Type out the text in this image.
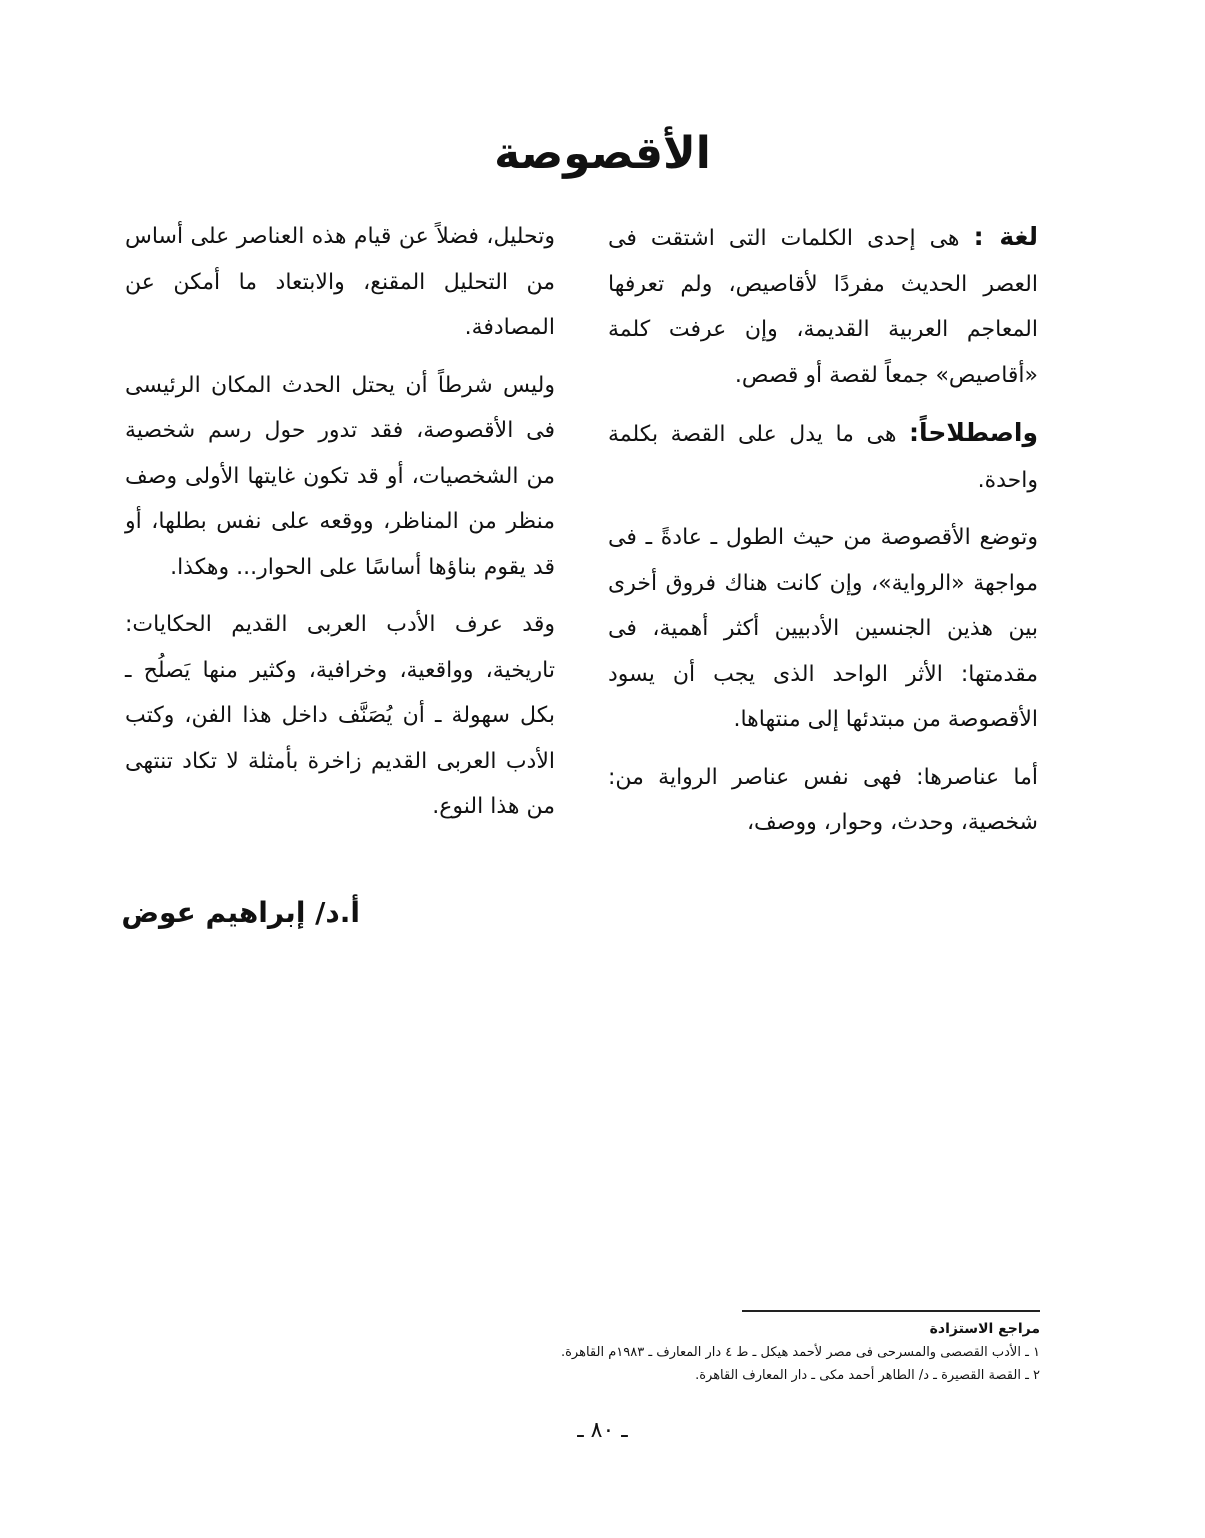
الأقصوصة

لغة : هى إحدى الكلمات التى اشتقت فى العصر الحديث مفردًا لأقاصيص، ولم تعرفها المعاجم العربية القديمة، وإن عرفت كلمة «أقاصيص» جمعاً لقصة أو قصص.

واصطلاحاً: هى ما يدل على القصة بكلمة واحدة.

وتوضع الأقصوصة من حيث الطول ـ عادةً ـ فى مواجهة «الرواية»، وإن كانت هناك فروق أخرى بين هذين الجنسين الأدبيين أكثر أهمية، فى مقدمتها: الأثر الواحد الذى يجب أن يسود الأقصوصة من مبتدئها إلى منتهاها.

أما عناصرها: فهى نفس عناصر الرواية من: شخصية، وحدث، وحوار، ووصف،

وتحليل، فضلاً عن قيام هذه العناصر على أساس من التحليل المقنع، والابتعاد ما أمكن عن المصادفة.

وليس شرطاً أن يحتل الحدث المكان الرئيسى فى الأقصوصة، فقد تدور حول رسم شخصية من الشخصيات، أو قد تكون غايتها الأولى وصف منظر من المناظر، ووقعه على نفس بطلها، أو قد يقوم بناؤها أساسًا على الحوار... وهكذا.

وقد عرف الأدب العربى القديم الحكايات: تاريخية، وواقعية، وخرافية، وكثير منها يَصلُح ـ بكل سهولة ـ أن يُصَنَّف داخل هذا الفن، وكتب الأدب العربى القديم زاخرة بأمثلة لا تكاد تنتهى من هذا النوع.

أ.د/ إبراهيم عوض

مراجع الاستزادة
١ ـ الأدب القصصى والمسرحى فى مصر لأحمد هيكل ـ ط ٤ دار المعارف ـ ١٩٨٣م القاهرة.
٢ ـ القصة القصيرة ـ د/ الطاهر أحمد مكى ـ دار المعارف القاهرة.
ـ ٨٠ ـ
